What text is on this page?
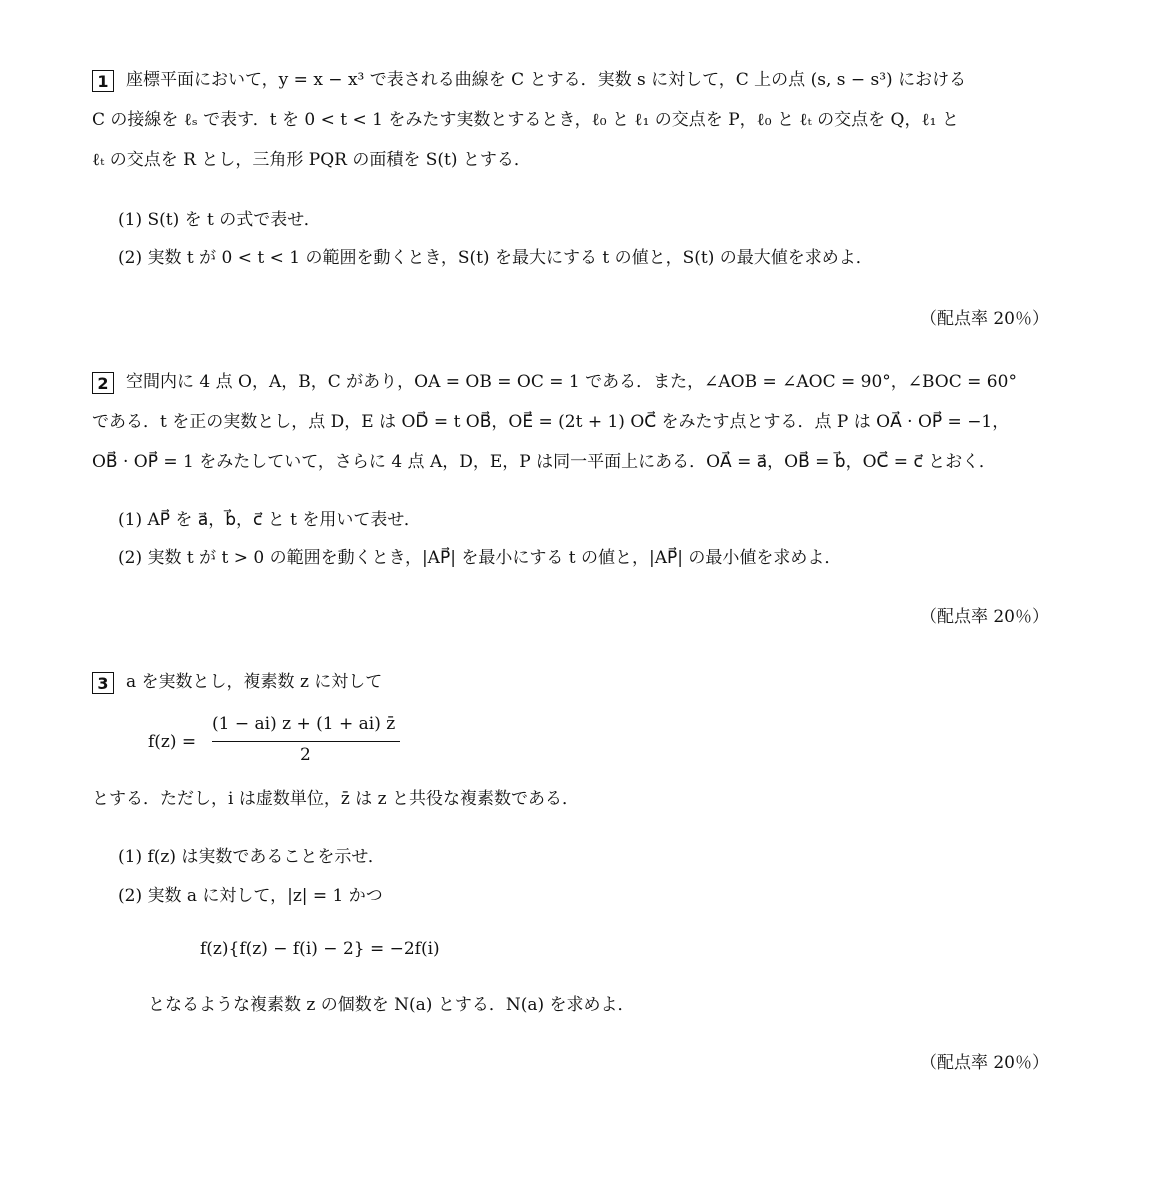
1 座標平面において，y = x − x³ で表される曲線を C とする．実数 s に対して，C 上の点 (s, s − s³) における
C の接線を ℓₛ で表す．t を 0 < t < 1 をみたす実数とするとき，ℓ₀ と ℓ₁ の交点を P，ℓ₀ と ℓₜ の交点を Q，ℓ₁ と
ℓₜ の交点を R とし，三角形 PQR の面積を S(t) とする．
(1) S(t) を t の式で表せ．
(2) 実数 t が 0 < t < 1 の範囲を動くとき，S(t) を最大にする t の値と，S(t) の最大値を求めよ．
（配点率 20％）
2 空間内に 4 点 O，A，B，C があり，OA = OB = OC = 1 である．また，∠AOB = ∠AOC = 90°，∠BOC = 60°
である．t を正の実数とし，点 D，E は OD⃗ = t OB⃗，OE⃗ = (2t + 1) OC⃗ をみたす点とする．点 P は OA⃗ · OP⃗ = −1，
OB⃗ · OP⃗ = 1 をみたしていて，さらに 4 点 A，D，E，P は同一平面上にある．OA⃗ = a⃗，OB⃗ = b⃗，OC⃗ = c⃗ とおく．
(1) AP⃗ を a⃗，b⃗，c⃗ と t を用いて表せ．
(2) 実数 t が t > 0 の範囲を動くとき，|AP⃗| を最小にする t の値と，|AP⃗| の最小値を求めよ．
（配点率 20％）
3 a を実数とし，複素数 z に対して
f(z) =
(1 − ai) z + (1 + ai) z̄
2
とする．ただし，i は虚数単位，z̄ は z と共役な複素数である．
(1) f(z) は実数であることを示せ．
(2) 実数 a に対して，|z| = 1 かつ
f(z){f(z) − f(i) − 2} = −2f(i)
となるような複素数 z の個数を N(a) とする．N(a) を求めよ．
（配点率 20％）
